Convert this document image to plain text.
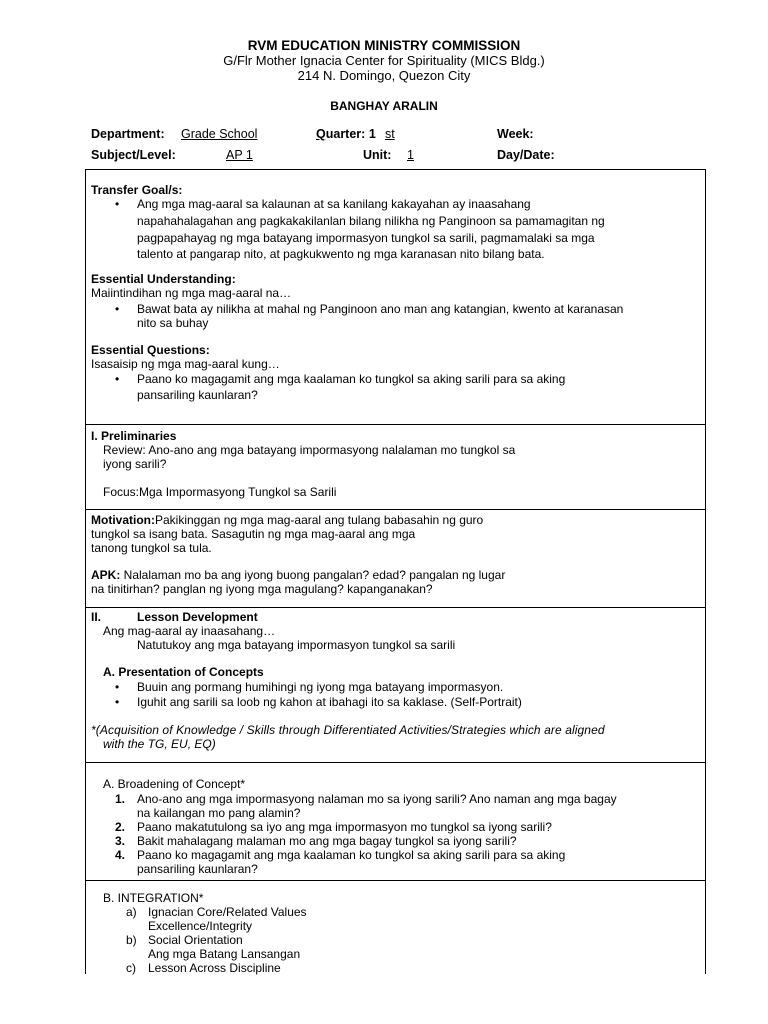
RVM EDUCATION MINISTRY COMMISSION
G/Flr Mother Ignacia Center for Spirituality (MICS Bldg.)
214 N. Domingo, Quezon City
BANGHAY ARALIN
Department: Grade School	Quarter: 1 st	Week:
Subject/Level:	AP 1	Unit: 1	Day/Date:
Transfer Goal/s:
• Ang mga mag-aaral sa kalaunan at sa kanilang kakayahan ay inaasahang
napahahalagahan ang pagkakakilanlan bilang nilikha ng Panginoon sa pamamagitan ng
pagpapahayag ng mga batayang impormasyon tungkol sa sarili, pagmamalaki sa mga
talento at pangarap nito, at pagkukwento ng mga karanasan nito bilang bata.
Essential Understanding:
Maiintindihan ng mga mag-aaral na…
• Bawat bata ay nilikha at mahal ng Panginoon ano man ang katangian, kwento at karanasan
nito sa buhay
Essential Questions:
Isasaisip ng mga mag-aaral kung…
• Paano ko magagamit ang mga kaalaman ko tungkol sa aking sarili para sa aking
pansariling kaunlaran?
I. Preliminaries
Review: Ano-ano ang mga batayang impormasyong nalalaman mo tungkol sa
iyong sarili?
Focus:Mga Impormasyong Tungkol sa Sarili
Motivation:Pakikinggan ng mga mag-aaral ang tulang babasahin ng guro
tungkol sa isang bata. Sasagutin ng mga mag-aaral ang mga
tanong tungkol sa tula.
APK: Nalalaman mo ba ang iyong buong pangalan? edad? pangalan ng lugar
na tinitirhan? panglan ng iyong mga magulang? kapanganakan?
II.	Lesson Development
Ang mag-aaral ay inaasahang…
Natutukoy ang mga batayang impormasyon tungkol sa sarili
A. Presentation of Concepts
• Buuin ang pormang humihingi ng iyong mga batayang impormasyon.
• Iguhit ang sarili sa loob ng kahon at ibahagi ito sa kaklase. (Self-Portrait)
*(Acquisition of Knowledge / Skills through Differentiated Activities/Strategies which are aligned
with the TG, EU, EQ)
A. Broadening of Concept*
1. Ano-ano ang mga impormasyong nalaman mo sa iyong sarili? Ano naman ang mga bagay
na kailangan mo pang alamin?
2. Paano makatutulong sa iyo ang mga impormasyon mo tungkol sa iyong sarili?
3. Bakit mahalagang malaman mo ang mga bagay tungkol sa iyong sarili?
4. Paano ko magagamit ang mga kaalaman ko tungkol sa aking sarili para sa aking
pansariling kaunlaran?
B. INTEGRATION*
a) Ignacian Core/Related Values
Excellence/Integrity
b) Social Orientation
Ang mga Batang Lansangan
c) Lesson Across Discipline
